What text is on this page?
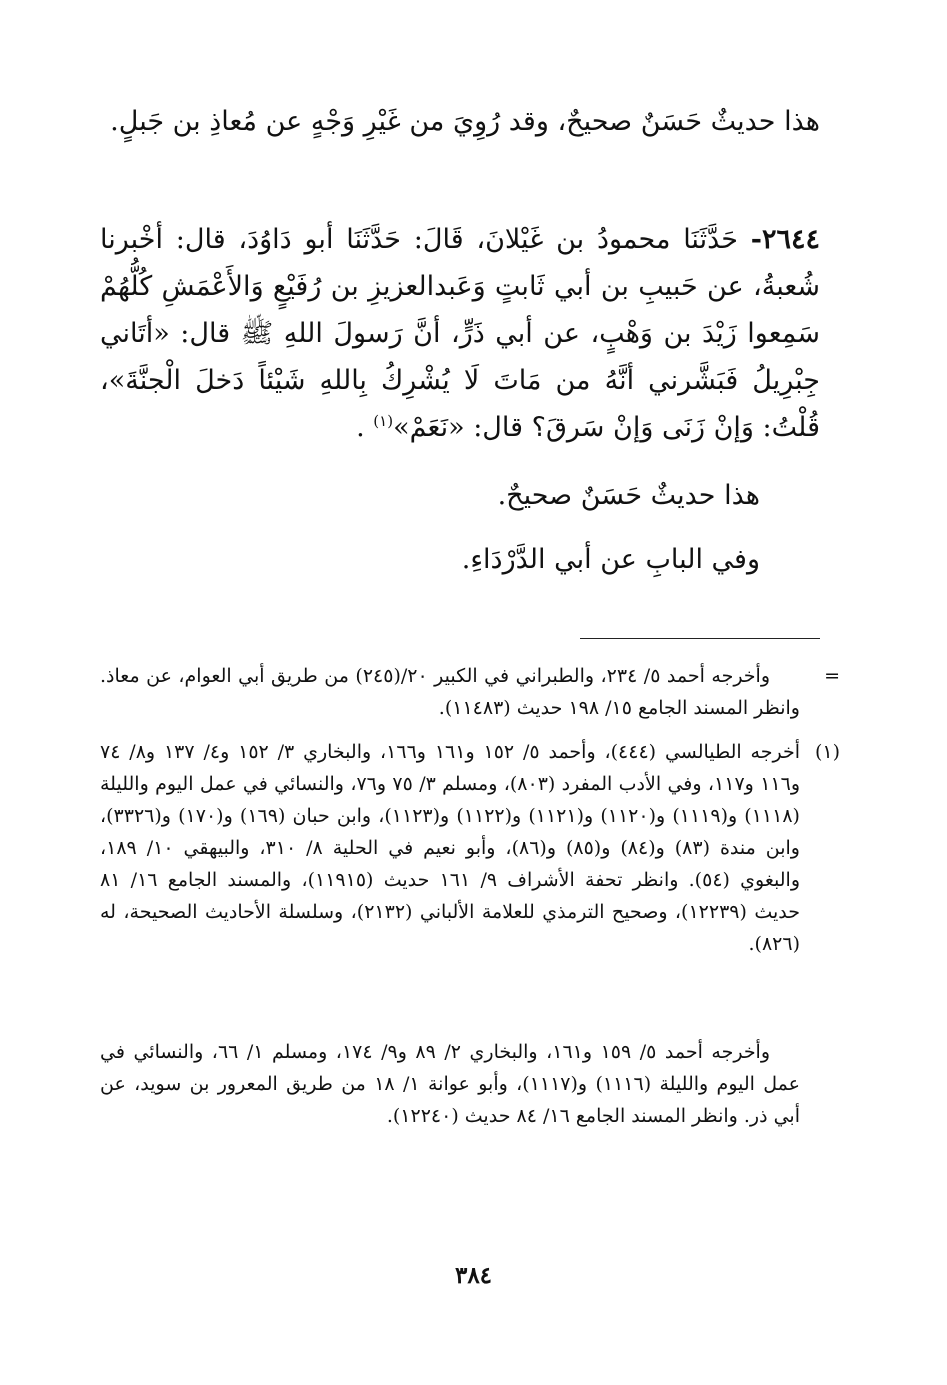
هذا حديثٌ حَسَنٌ صحيحٌ، وقد رُوِيَ من غَيْرِ وَجْهٍ عن مُعاذِ بن جَبلٍ.
٢٦٤٤- حَدَّثَنَا محمودُ بن غَيْلانَ، قَالَ: حَدَّثَنَا أبو دَاوُدَ، قال: أخْبرنا شُعبةُ، عن حَبيبِ بن أبي ثَابتٍ وَعَبدالعزيزِ بن رُفَيْعٍ وَالأَعْمَشِ كُلُّهُمْ سَمِعوا زَيْدَ بن وَهْبٍ، عن أبي ذَرٍّ، أنَّ رَسولَ اللهِ ﷺ قال: «أتَاني جِبْرِيلُ فَبَشَّرني أنَّهُ من مَاتَ لَا يُشْرِكُ بِاللهِ شَيْئاً دَخلَ الْجنَّةَ»، قُلْتُ: وَإنْ زَنَى وَإنْ سَرقَ؟ قال: «نَعَمْ»$^{(١)}$ .
هذا حديثٌ حَسَنٌ صحيحٌ.
وفي البابِ عن أبي الدَّرْدَاءِ.
=
وأخرجه أحمد ٥/ ٢٣٤، والطبراني في الكبير ٢٠/(٢٤٥) من طريق أبي العوام، عن معاذ. وانظر المسند الجامع ١٥/ ١٩٨ حديث (١١٤٨٣).
(١)
أخرجه الطيالسي (٤٤٤)، وأحمد ٥/ ١٥٢ و١٦١ و١٦٦، والبخاري ٣/ ١٥٢ و٤/ ١٣٧ و٨/ ٧٤ و١١٦ و١١٧، وفي الأدب المفرد (٨٠٣)، ومسلم ٣/ ٧٥ و٧٦، والنسائي في عمل اليوم والليلة (١١١٨) و(١١١٩) و(١١٢٠) و(١١٢١) و(١١٢٢) و(١١٢٣)، وابن حبان (١٦٩) و(١٧٠) و(٣٣٢٦)، وابن مندة (٨٣) و(٨٤) و(٨٥) و(٨٦)، وأبو نعيم في الحلية ٨/ ٣١٠، والبيهقي ١٠/ ١٨٩، والبغوي (٥٤). وانظر تحفة الأشراف ٩/ ١٦١ حديث (١١٩١٥)، والمسند الجامع ١٦/ ٨١ حديث (١٢٢٣٩)، وصحيح الترمذي للعلامة الألباني (٢١٣٢)، وسلسلة الأحاديث الصحيحة، له (٨٢٦).
وأخرجه أحمد ٥/ ١٥٩ و١٦١، والبخاري ٢/ ٨٩ و٩/ ١٧٤، ومسلم ١/ ٦٦، والنسائي في عمل اليوم والليلة (١١١٦) و(١١١٧)، وأبو عوانة ١/ ١٨ من طريق المعرور بن سويد، عن أبي ذر. وانظر المسند الجامع ١٦/ ٨٤ حديث (١٢٢٤٠).
٣٨٤
